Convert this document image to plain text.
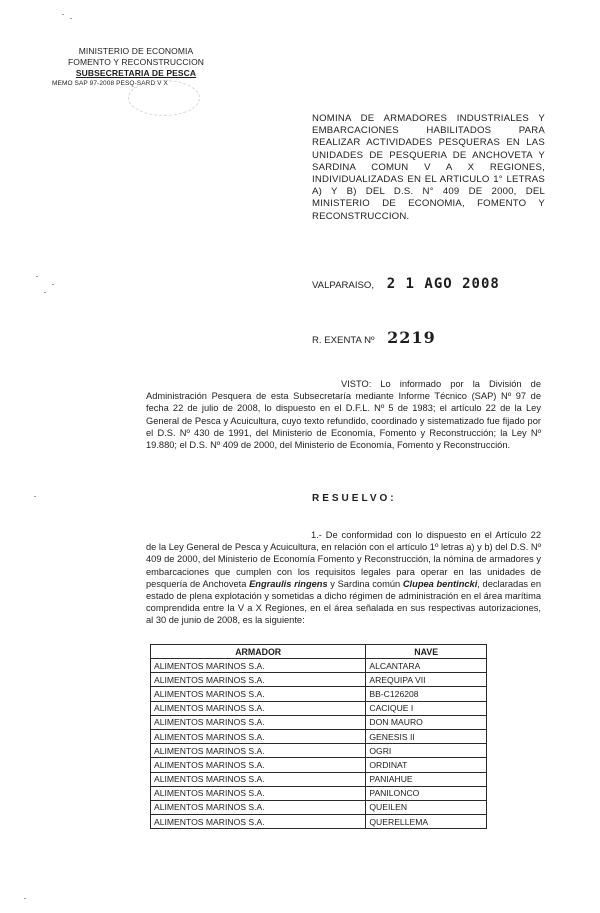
MINISTERIO DE ECONOMIA
FOMENTO Y RECONSTRUCCION
SUBSECRETARIA DE PESCA
MEMO SAP 97-2008 PESQ-SARD V X
NOMINA DE ARMADORES INDUSTRIALES Y EMBARCACIONES HABILITADOS PARA REALIZAR ACTIVIDADES PESQUERAS EN LAS UNIDADES DE PESQUERIA DE ANCHOVETA Y SARDINA COMUN V A X REGIONES, INDIVIDUALIZADAS EN EL ARTICULO 1° LETRAS A) Y B) DEL D.S. N° 409 DE 2000, DEL MINISTERIO DE ECONOMIA, FOMENTO Y RECONSTRUCCION.
VALPARAISO, 2 1 AGO 2008
R. EXENTA Nº 2219
VISTO: Lo informado por la División de Administración Pesquera de esta Subsecretaría mediante Informe Técnico (SAP) Nº 97 de fecha 22 de julio de 2008, lo dispuesto en el D.F.L. Nº 5 de 1983; el artículo 22 de la Ley General de Pesca y Acuicultura, cuyo texto refundido, coordinado y sistematizado fue fijado por el D.S. Nº 430 de 1991, del Ministerio de Economía, Fomento y Reconstrucción; la Ley Nº 19.880; el D.S. Nº 409 de 2000, del Ministerio de Economía, Fomento y Reconstrucción.
RESUELVO:
1.- De conformidad con lo dispuesto en el Artículo 22 de la Ley General de Pesca y Acuicultura, en relación con el artículo 1º letras a) y b) del D.S. Nº 409 de 2000, del Ministerio de Economía Fomento y Reconstrucción, la nómina de armadores y embarcaciones que cumplen con los requisitos legales para operar en las unidades de pesquería de Anchoveta Engraulis ringens y Sardina común Clupea bentincki, declaradas en estado de plena explotación y sometidas a dicho régimen de administración en el área marítima comprendida entre la V a X Regiones, en el área señalada en sus respectivas autorizaciones, al 30 de junio de 2008, es la siguiente:
ARMADOR	NAVE
ALIMENTOS MARINOS S.A.	ALCANTARA
ALIMENTOS MARINOS S.A.	AREQUIPA VII
ALIMENTOS MARINOS S.A.	BB-C126208
ALIMENTOS MARINOS S.A.	CACIQUE I
ALIMENTOS MARINOS S.A.	DON MAURO
ALIMENTOS MARINOS S.A.	GENESIS II
ALIMENTOS MARINOS S.A.	OGRI
ALIMENTOS MARINOS S.A.	ORDINAT
ALIMENTOS MARINOS S.A.	PANIAHUE
ALIMENTOS MARINOS S.A.	PANILONCO
ALIMENTOS MARINOS S.A.	QUEILEN
ALIMENTOS MARINOS S.A.	QUERELLEMA
